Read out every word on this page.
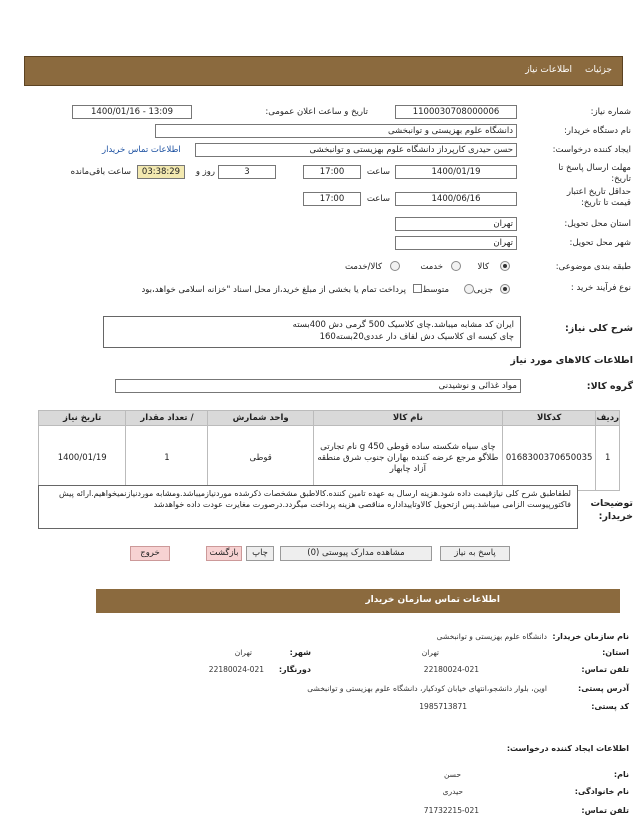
جزئیات
اطلاعات نیاز
شماره نیاز:
1100030708000006
تاریخ و ساعت اعلان عمومی:
1400/01/16 - 13:09
نام دستگاه خریدار:
دانشگاه علوم بهزیستی و توانبخشی
ایجاد کننده درخواست:
حسن حیدری کارپرداز دانشگاه علوم بهزیستی و توانبخشی
اطلاعات تماس خریدار
مهلت ارسال پاسخ تا تاریخ:
1400/01/19
ساعت
17:00
3
روز و
03:38:29
ساعت باقی‌مانده
حداقل تاریخ اعتبار قیمت تا تاریخ:
1400/06/16
ساعت
17:00
استان محل تحویل:
تهران
شهر محل تحویل:
تهران
طبقه بندی موضوعی:
کالا
خدمت
کالا/خدمت
نوع فرآیند خرید :
جزیی
متوسط
پرداخت تمام یا بخشی از مبلغ خرید،از محل اسناد "خزانه اسلامی خواهد،بود
شرح کلی نیاز:
ایران کد مشابه میباشد.چای کلاسیک 500 گرمی دش 400بسته
چای کیسه ای کلاسیک دش لفاف دار عددی20بسته160
اطلاعات کالاهای مورد نیاز
گروه کالا:
مواد غذائی و نوشیدنی
ردیف	کدکالا	نام کالا	واحد شمارش	/ تعداد مقدار	تاریخ نیاز
1	0168300370650035	چای سیاه شکسته ساده قوطی 450 g نام تجارتی طلاگو مرجع عرضه کننده بهاران جنوب شرق منطقه آزاد چابهار	قوطی	1	1400/01/19
توضیحات خریدار:
لطفاطبق شرح کلی نیازقیمت داده شود.هزینه ارسال به عهده تامین کننده.کالاطبق مشخصات ذکرشده موردنیازمیباشد.ومشابه موردنیازنمیخواهیم.ارائه پیش فاکتورپیوست الزامی میباشد.پس ازتحویل کالاوتاییداداره مناقصی هزینه پرداخت میگردد.درصورت مغایرت عودت داده خواهدشد
پاسخ به نیاز
مشاهده مدارک پیوستی (0)
چاپ
بازگشت
خروج
اطلاعات تماس سازمان خریدار
نام سازمان خریدار:
دانشگاه علوم بهزیستی و توانبخشی
استان:
تهران
شهر:
تهران
تلفن تماس:
22180024-021
دورنگار:
22180024-021
آدرس پستی:
اوین، بلوار دانشجو،انتهای خیابان کودکیار، دانشگاه علوم بهزیستی و توانبخشی
کد پستی:
1985713871
اطلاعات ایجاد کننده درخواست:
نام:
حسن
نام خانوادگی:
حیدری
تلفن تماس:
71732215-021
